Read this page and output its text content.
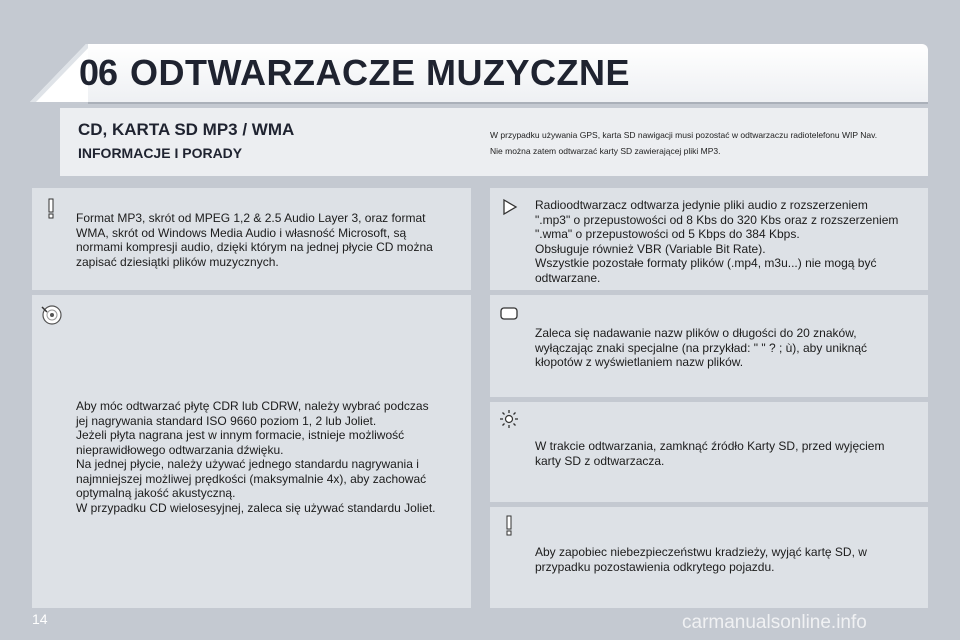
06 ODTWARZACZE MUZYCZNE
CD, KARTA SD MP3 / WMA
INFORMACJE I PORADY
W przypadku używania GPS, karta SD nawigacji musi pozostać w odtwarzaczu radiotelefonu WIP Nav.
Nie można zatem odtwarzać karty SD zawierającej pliki MP3.
Format MP3, skrót od MPEG 1,2 & 2.5 Audio Layer 3, oraz format
WMA, skrót od Windows Media Audio i własność Microsoft, są
normami kompresji audio, dzięki którym na jednej płycie CD można
zapisać dziesiątki plików muzycznych.
Aby móc odtwarzać płytę CDR lub CDRW, należy wybrać podczas
jej nagrywania standard ISO 9660 poziom 1, 2 lub Joliet.
Jeżeli płyta nagrana jest w innym formacie, istnieje możliwość
nieprawidłowego odtwarzania dźwięku.
Na jednej płycie, należy używać jednego standardu nagrywania i
najmniejszej możliwej prędkości (maksymalnie 4x), aby zachować
optymalną jakość akustyczną.
W przypadku CD wielosesyjnej, zaleca się używać standardu Joliet.
Radioodtwarzacz odtwarza jedynie pliki audio z rozszerzeniem
".mp3" o przepustowości od 8 Kbs do 320 Kbs oraz z rozszerzeniem
".wma" o przepustowości od 5 Kbps do 384 Kbps.
Obsługuje również VBR (Variable Bit Rate).
Wszystkie pozostałe formaty plików (.mp4, m3u...) nie mogą być
odtwarzane.
Zaleca się nadawanie nazw plików o długości do 20 znaków,
wyłączając znaki specjalne (na przykład: " " ? ; ù), aby uniknąć
kłopotów z wyświetlaniem nazw plików.
W trakcie odtwarzania, zamknąć źródło Karty SD, przed wyjęciem
karty SD z odtwarzacza.
Aby zapobiec niebezpieczeństwu kradzieży, wyjąć kartę SD, w
przypadku pozostawienia odkrytego pojazdu.
14	carmanualsonline.info
